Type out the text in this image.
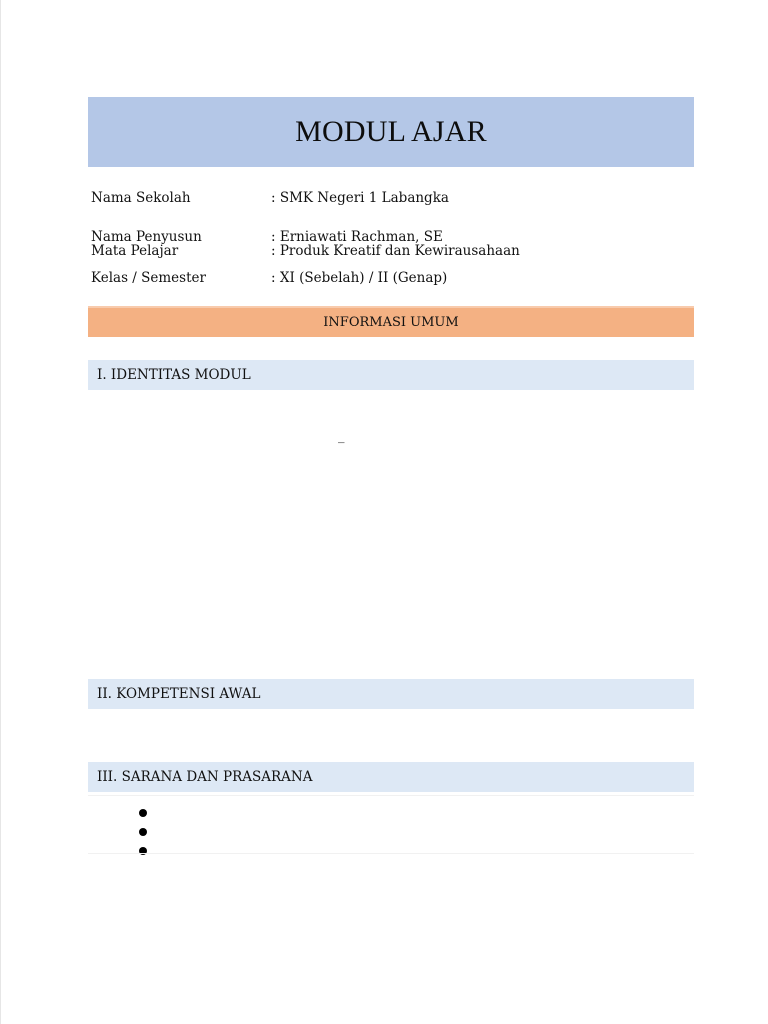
MODUL AJAR
Nama Sekolah	: SMK Negeri 1 Labangka
Nama Penyusun	: Erniawati Rachman, SE
Mata Pelajar	: Produk Kreatif dan Kewirausahaan
Kelas / Semester	: XI (Sebelah) / II (Genap)
INFORMASI UMUM
I. IDENTITAS MODUL
_
II. KOMPETENSI AWAL
III. SARANA DAN PRASARANA
